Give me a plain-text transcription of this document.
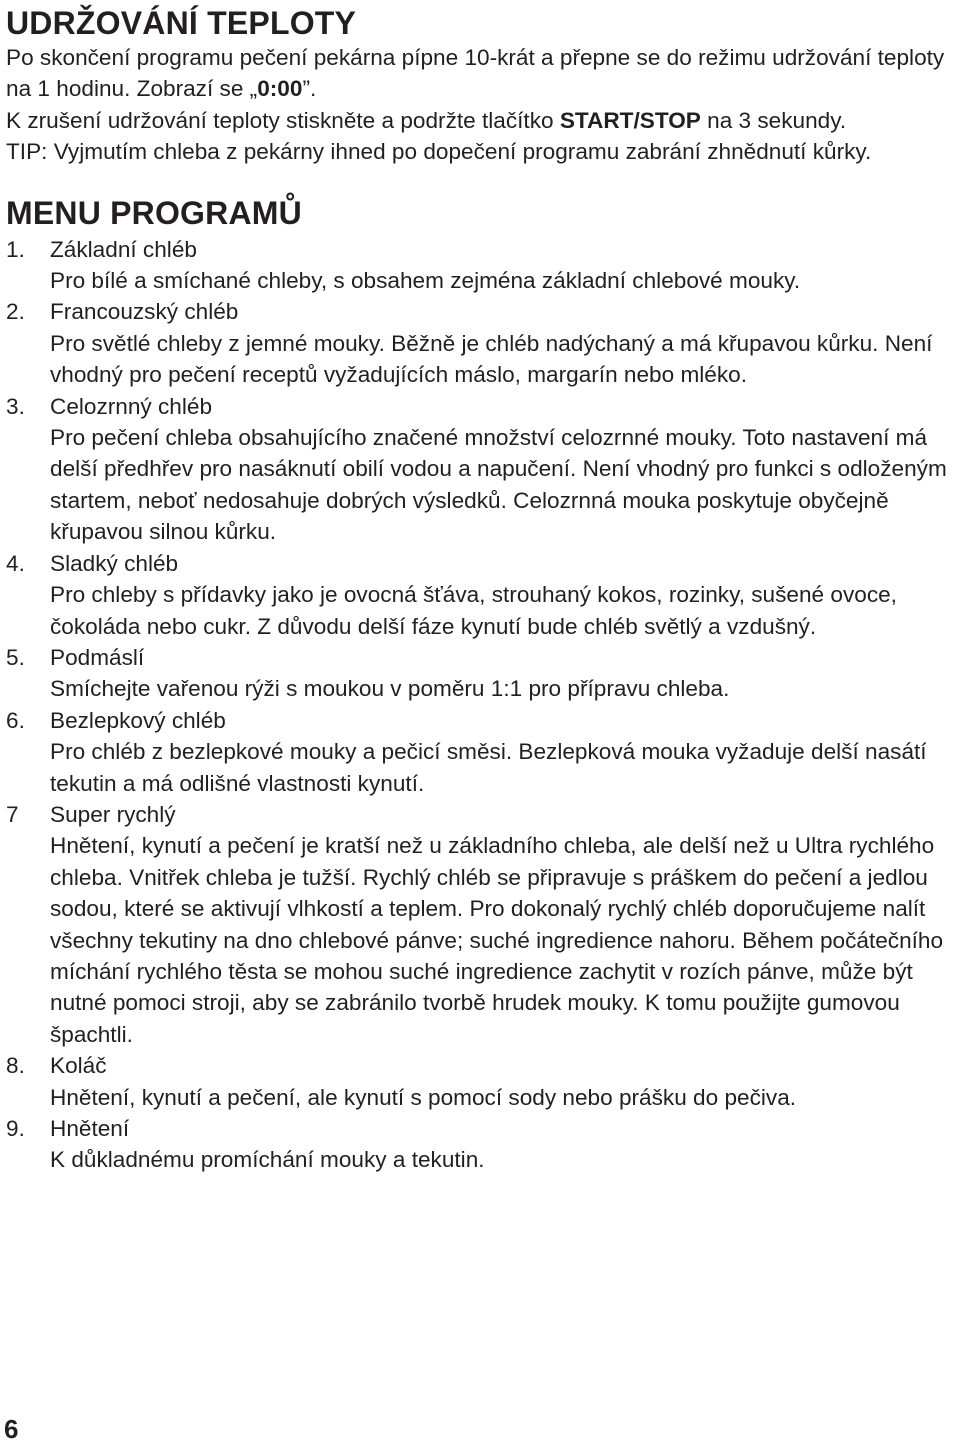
UDRŽOVÁNÍ TEPLOTY

Po skončení programu pečení pekárna pípne 10-krát a přepne se do režimu udržování teploty na 1 hodinu. Zobrazí se „0:00”.

K zrušení udržování teploty stiskněte a podržte tlačítko START/STOP na 3 sekundy.

TIP: Vyjmutím chleba z pekárny ihned po dopečení programu zabrání zhnědnutí kůrky.

MENU PROGRAMŮ
1. Základní chléb
Pro bílé a smíchané chleby, s obsahem zejména základní chlebové mouky.
2. Francouzský chléb
Pro světlé chleby z jemné mouky. Běžně je chléb nadýchaný a má křupavou kůrku. Není vhodný pro pečení receptů vyžadujících máslo, margarín nebo mléko.
3. Celozrnný chléb
Pro pečení chleba obsahujícího značené množství celozrnné mouky. Toto nastavení má delší předhřev pro nasáknutí obilí vodou a napučení. Není vhodný pro funkci s odloženým startem, neboť nedosahuje dobrých výsledků. Celozrnná mouka poskytuje obyčejně křupavou silnou kůrku.
4. Sladký chléb
Pro chleby s přídavky jako je ovocná šťáva, strouhaný kokos, rozinky, sušené ovoce, čokoláda nebo cukr. Z důvodu delší fáze kynutí bude chléb světlý a vzdušný.
5. Podmáslí
Smíchejte vařenou rýži s moukou v poměru 1:1 pro přípravu chleba.
6. Bezlepkový chléb
Pro chléb z bezlepkové mouky a pečicí směsi. Bezlepková mouka vyžaduje delší nasátí tekutin a má odlišné vlastnosti kynutí.
7 Super rychlý
Hnětení, kynutí a pečení je kratší než u základního chleba, ale delší než u Ultra rychlého chleba. Vnitřek chleba je tužší. Rychlý chléb se připravuje s práškem do pečení a jedlou sodou, které se aktivují vlhkostí a teplem. Pro dokonalý rychlý chléb doporučujeme nalít všechny tekutiny na dno chlebové pánve; suché ingredience nahoru. Během počátečního míchání rychlého těsta se mohou suché ingredience zachytit v rozích pánve, může být nutné pomoci stroji, aby se zabránilo tvorbě hrudek mouky. K tomu použijte gumovou špachtli.
8. Koláč
Hnětení, kynutí a pečení, ale kynutí s pomocí sody nebo prášku do pečiva.
9. Hnětení
K důkladnému promíchání mouky a tekutin.
6
